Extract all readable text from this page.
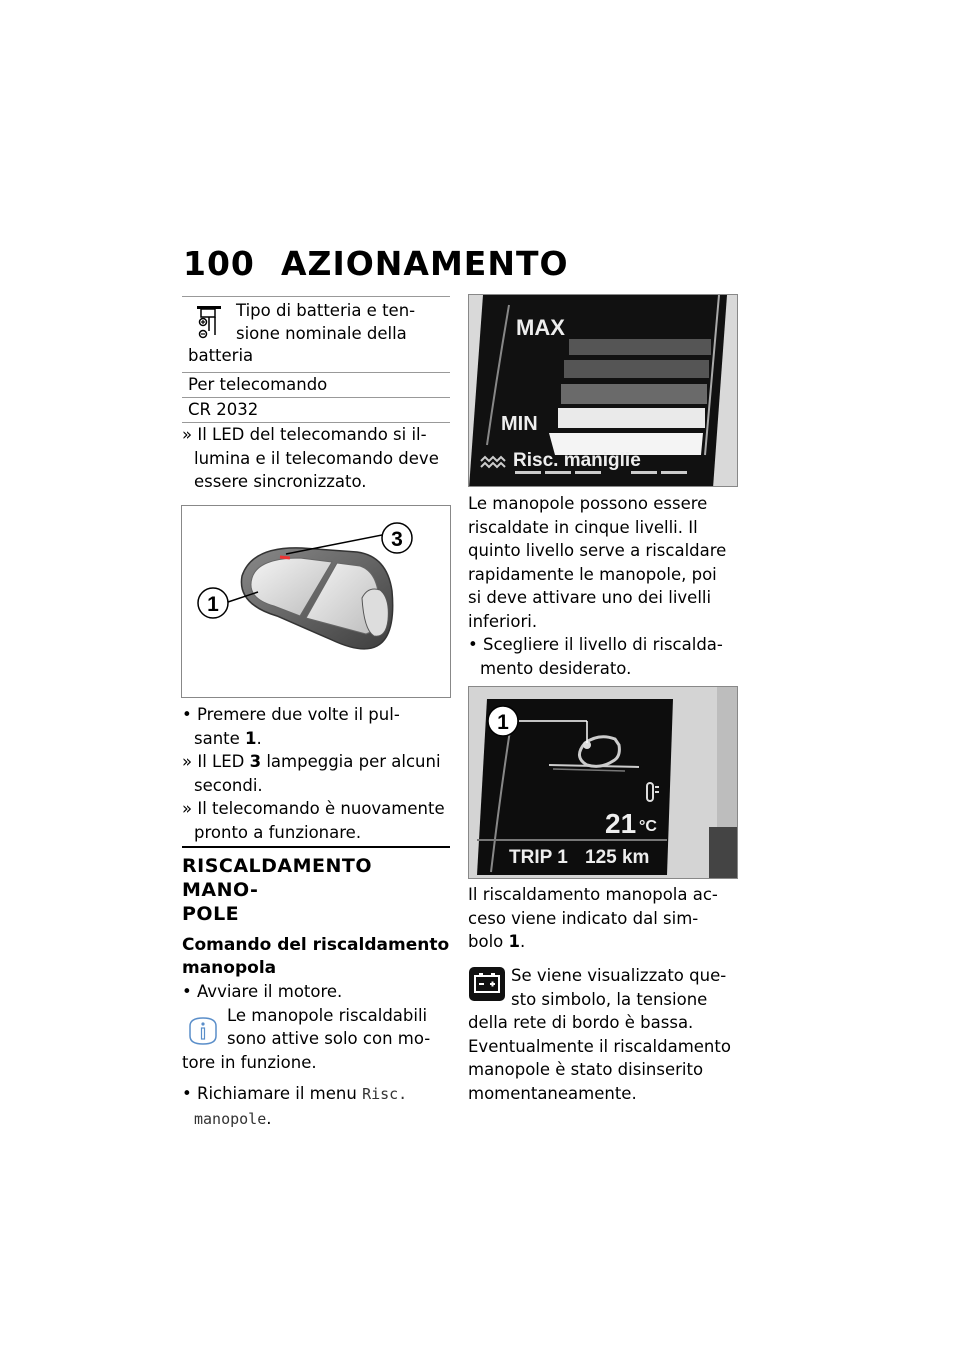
100 AZIONAMENTO
Tipo di batteria e ten-
sione nominale della
batteria
Per telecomando
CR 2032

» Il LED del telecomando si il-

lumina e il telecomando deve

essere sincronizzato.

3
1

• Premere due volte il pul-

sante 1.

» Il LED 3 lampeggia per alcuni

secondi.

» Il telecomando è nuovamente

pronto a funzionare.

RISCALDAMENTO MANO-
POLE
Comando del riscaldamento
manopola

• Avviare il motore.

Le manopole riscaldabili

sono attive solo con mo-

tore in funzione.

• Richiamare il menu Risc.

manopole.

MAX
MIN
Risc. maniglie

Le manopole possono essere

riscaldate in cinque livelli. Il

quinto livello serve a riscaldare

rapidamente le manopole, poi

si deve attivare uno dei livelli

inferiori.

• Scegliere il livello di riscalda-

mento desiderato.

1
21 °C
TRIP 1 125 km

Il riscaldamento manopola ac-

ceso viene indicato dal sim-

bolo 1.

Se viene visualizzato que-

sto simbolo, la tensione

della rete di bordo è bassa.

Eventualmente il riscaldamento

manopole è stato disinserito

momentaneamente.
